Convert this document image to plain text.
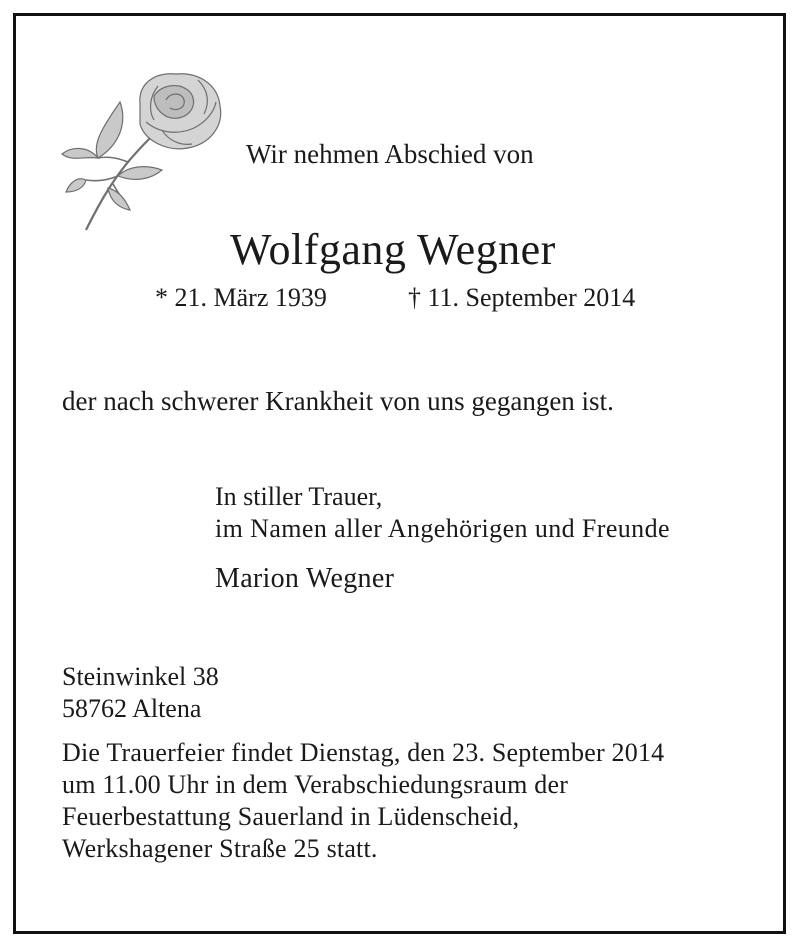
Wir nehmen Abschied von
Wolfgang Wegner
* 21. März 1939	† 11. September 2014
der nach schwerer Krankheit von uns gegangen ist.
In stiller Trauer,
im Namen aller Angehörigen und Freunde
Marion Wegner
Steinwinkel 38
58762 Altena
Die Trauerfeier findet Dienstag, den 23. September 2014
um 11.00 Uhr in dem Verabschiedungsraum der
Feuerbestattung Sauerland in Lüdenscheid,
Werkshagener Straße 25 statt.
